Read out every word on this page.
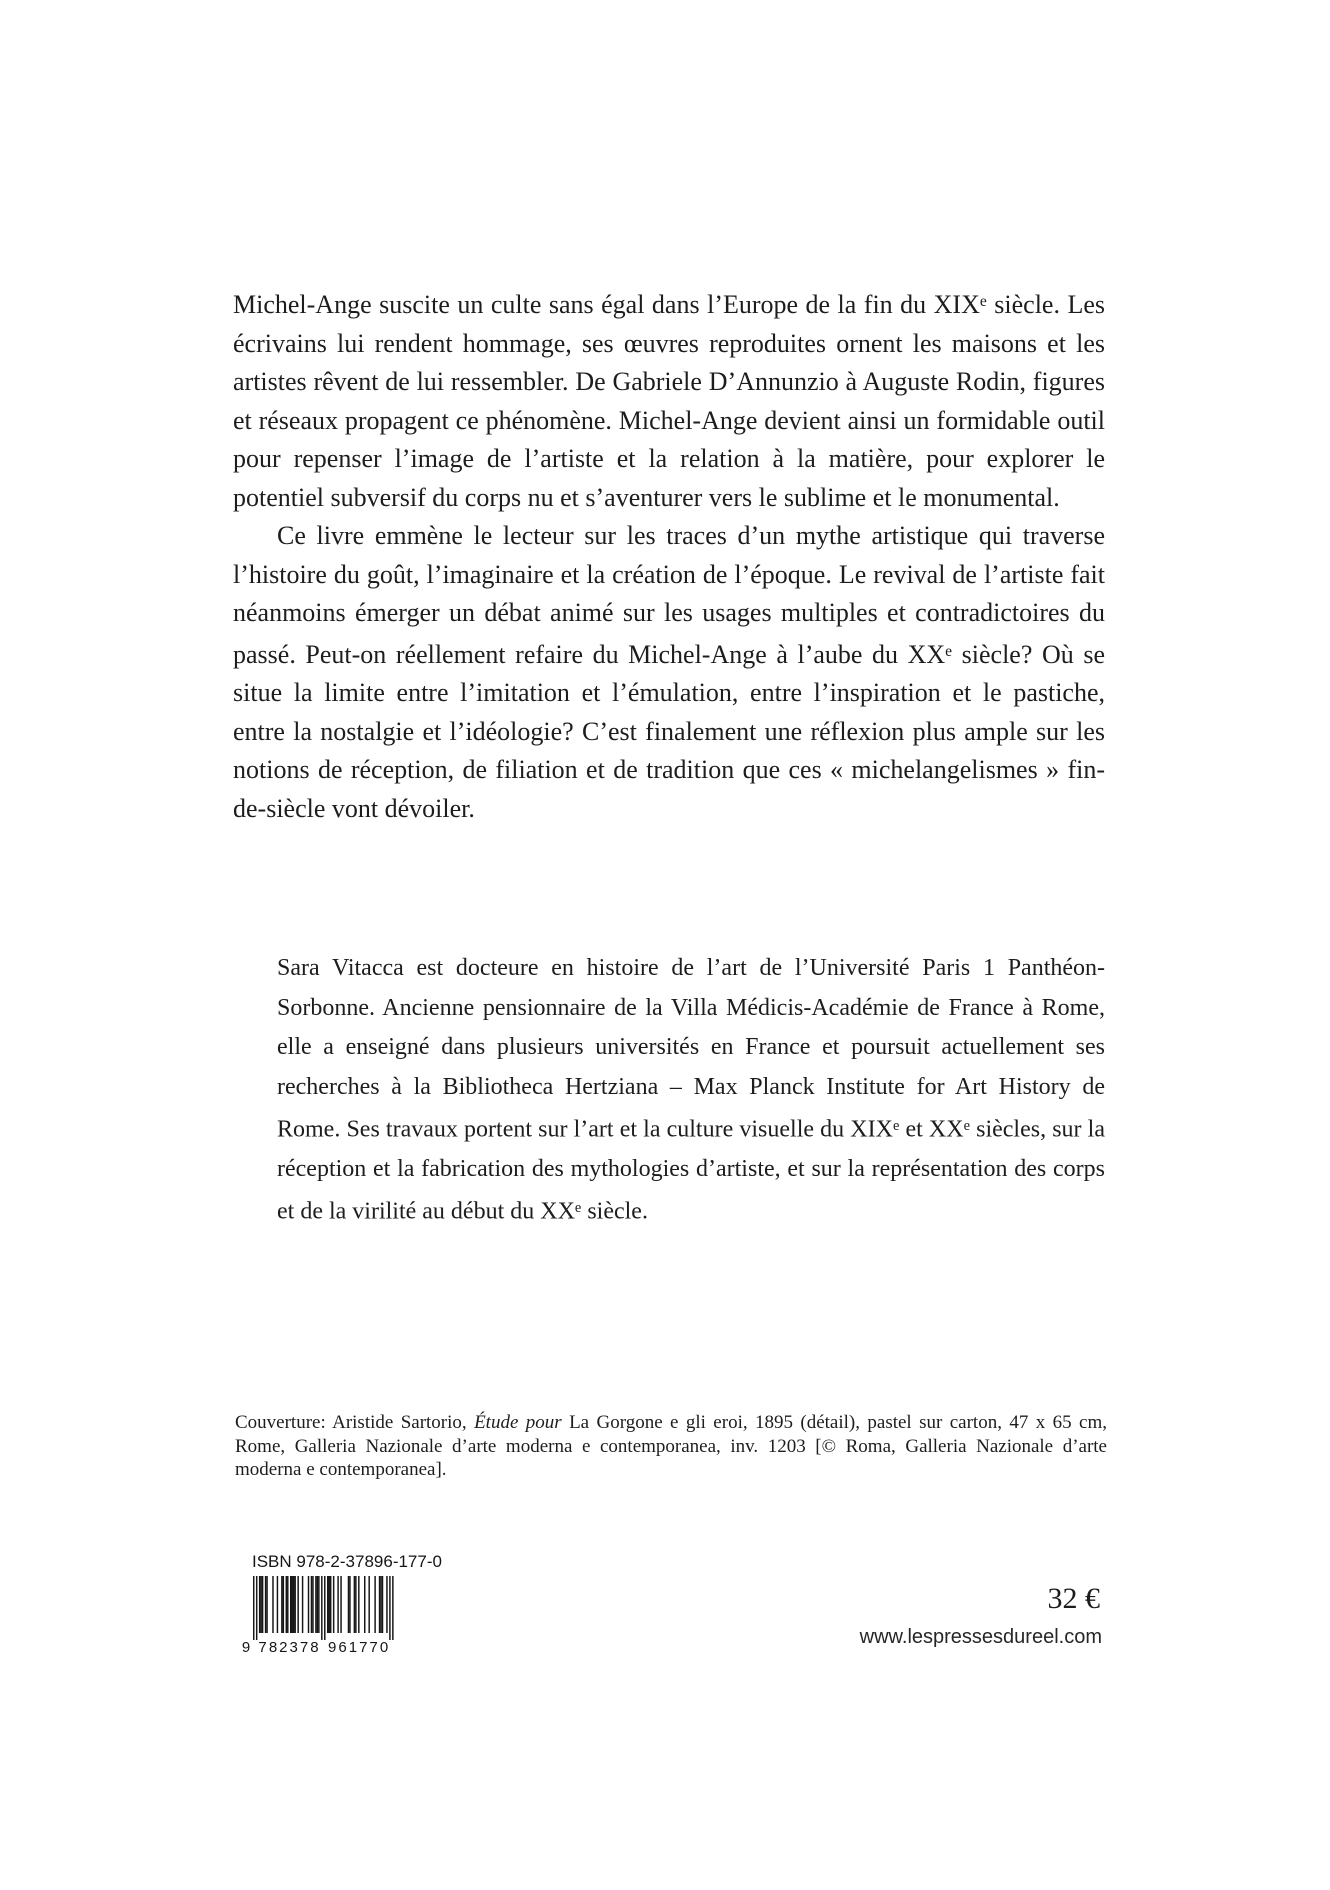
Michel-Ange suscite un culte sans égal dans l’Europe de la fin du XIXe siècle. Les écrivains lui rendent hommage, ses œuvres reproduites ornent les maisons et les artistes rêvent de lui ressembler. De Gabriele D’Annunzio à Auguste Rodin, figures et réseaux propagent ce phénomène. Michel-Ange devient ainsi un formidable outil pour repenser l’image de l’artiste et la relation à la matière, pour explorer le potentiel subversif du corps nu et s’aventurer vers le sublime et le monumental.

Ce livre emmène le lecteur sur les traces d’un mythe artistique qui traverse l’histoire du goût, l’imaginaire et la création de l’époque. Le revival de l’artiste fait néanmoins émerger un débat animé sur les usages multiples et contradictoires du passé. Peut-on réellement refaire du Michel-Ange à l’aube du XXe siècle? Où se situe la limite entre l’imitation et l’émulation, entre l’inspiration et le pastiche, entre la nostalgie et l’idéologie? C’est finalement une réflexion plus ample sur les notions de réception, de filiation et de tradition que ces « michelangelismes » fin-de-siècle vont dévoiler.

Sara Vitacca est docteure en histoire de l’art de l’Université Paris 1 Panthéon-Sorbonne. Ancienne pensionnaire de la Villa Médicis-Académie de France à Rome, elle a enseigné dans plusieurs universités en France et poursuit actuellement ses recherches à la Bibliotheca Hertziana – Max Planck Institute for Art History de Rome. Ses travaux portent sur l’art et la culture visuelle du XIXe et XXe siècles, sur la réception et la fabrication des mythologies d’artiste, et sur la représentation des corps et de la virilité au début du XXe siècle.
Couverture: Aristide Sartorio, Étude pour La Gorgone e gli eroi, 1895 (détail), pastel sur carton, 47 x 65 cm, Rome, Galleria Nazionale d’arte moderna e contemporanea, inv. 1203 [© Roma, Galleria Nazionale d’arte moderna e contemporanea].
ISBN 978-2-37896-177-0
9 7 8 2 3 7 8 9 6 1 7 7 0
32 €
www.lespressesdureel.com
